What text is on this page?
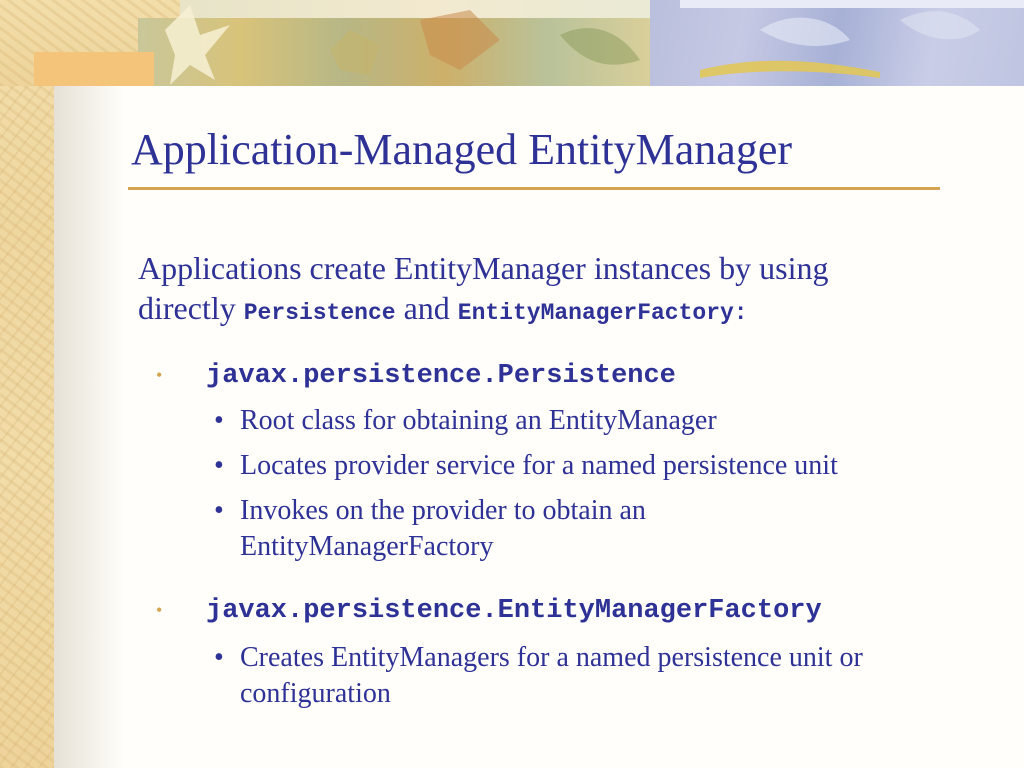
Application-Managed EntityManager
Applications create EntityManager instances by using
directly Persistence and EntityManagerFactory:
• javax.persistence.Persistence
• Root class for obtaining an EntityManager
• Locates provider service for a named persistence unit
• Invokes on the provider to obtain an EntityManagerFactory
• javax.persistence.EntityManagerFactory
• Creates EntityManagers for a named persistence unit or configuration
